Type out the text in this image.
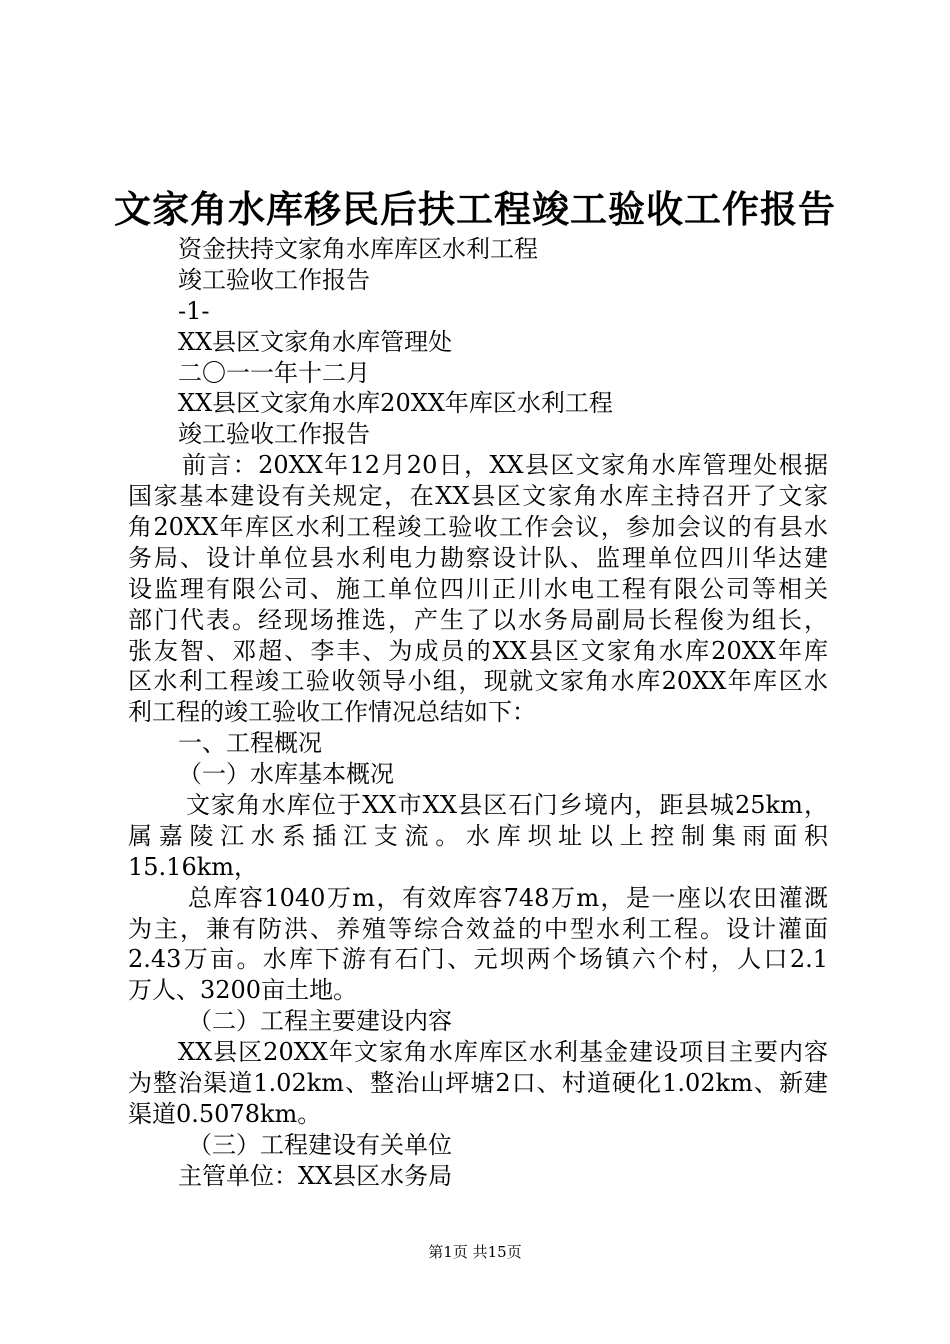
文家角水库移民后扶工程竣工验收工作报告
资金扶持文家角水库库区水利工程
竣工验收工作报告
-1-
XX县区文家角水库管理处
二〇一一年十二月
XX县区文家角水库20XX年库区水利工程
竣工验收工作报告
前言：20XX年12月20日，XX县区文家角水库管理处根据
国家基本建设有关规定，在XX县区文家角水库主持召开了文家
角20XX年库区水利工程竣工验收工作会议，参加会议的有县水
务局、设计单位县水利电力勘察设计队、监理单位四川华达建
设监理有限公司、施工单位四川正川水电工程有限公司等相关
部门代表。经现场推选，产生了以水务局副局长程俊为组长，
张友智、邓超、李丰、为成员的XX县区文家角水库20XX年库
区水利工程竣工验收领导小组，现就文家角水库20XX年库区水
利工程的竣工验收工作情况总结如下：
一、工程概况
（一）水库基本概况
文家角水库位于XX市XX县区石门乡境内，距县城25km，
属嘉陵江水系插江支流。水库坝址以上控制集雨面积
15.16km，
总库容1040万m，有效库容748万m，是一座以农田灌溉
为主，兼有防洪、养殖等综合效益的中型水利工程。设计灌面
2.43万亩。水库下游有石门、元坝两个场镇六个村，人口2.1
万人、3200亩土地。
（二）工程主要建设内容
XX县区20XX年文家角水库库区水利基金建设项目主要内容
为整治渠道1.02km、整治山坪塘2口、村道硬化1.02km、新建
渠道0.5078km。
（三）工程建设有关单位
主管单位：XX县区水务局
第1页 共15页
